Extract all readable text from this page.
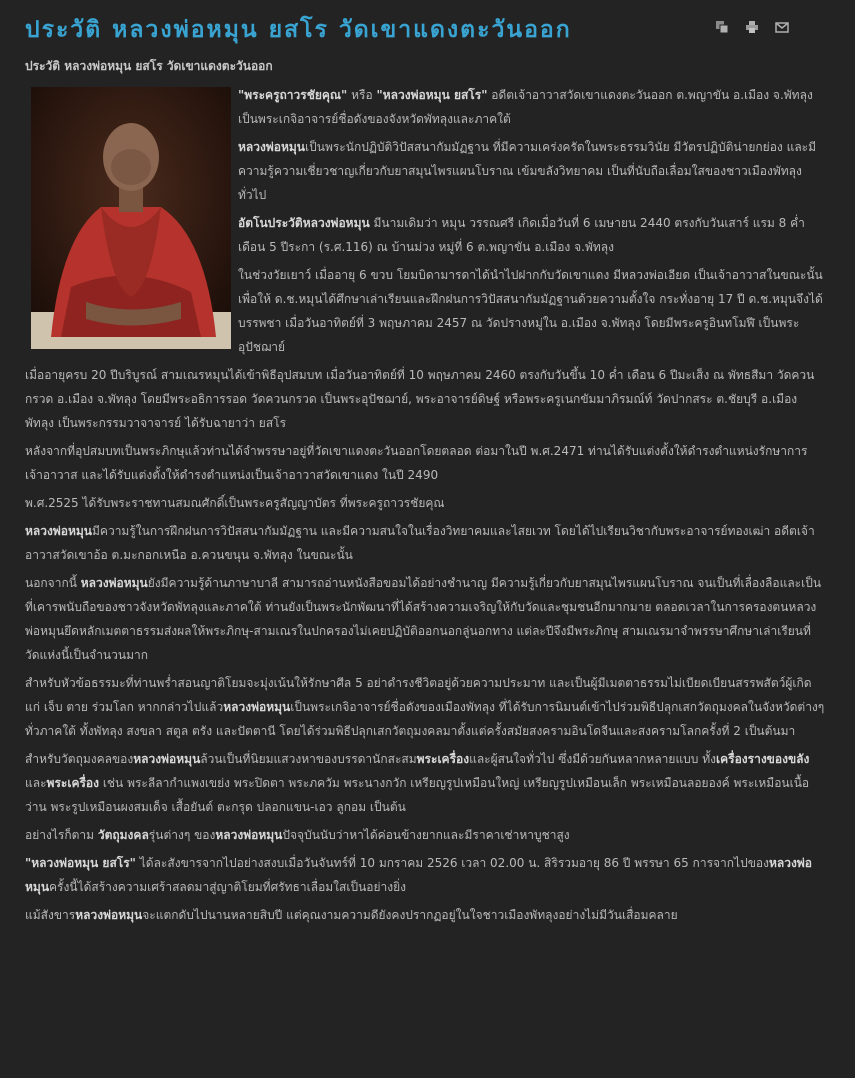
ประวัติ หลวงพ่อหมุน ยสโร วัดเขาแดงตะวันออก
ประวัติ หลวงพ่อหมุน ยสโร วัดเขาแดงตะวันออก

"พระครูถาวรชัยคุณ" หรือ "หลวงพ่อหมุน ยสโร" อดีตเจ้าอาวาสวัดเขาแดงตะวันออก ต.พญาขัน อ.เมือง จ.พัทลุง เป็นพระเกจิอาจารย์ชื่อดังของจังหวัดพัทลุงและภาคใต้

หลวงพ่อหมุนเป็นพระนักปฏิบัติวิปัสสนากัมมัฏฐาน ที่มีความเคร่งครัดในพระธรรมวินัย มีวัตรปฏิบัติน่ายกย่อง และมีความรู้ความเชี่ยวชาญเกี่ยวกับยาสมุนไพรแผนโบราณ เข้มขลังวิทยาคม เป็นที่นับถือเลื่อมใสของชาวเมืองพัทลุงทั่วไป

อัตโนประวัติหลวงพ่อหมุน มีนามเดิมว่า หมุน วรรณศรี เกิดเมื่อวันที่ 6 เมษายน 2440 ตรงกับวันเสาร์ แรม 8 ค่ำ เดือน 5 ปีระกา (ร.ศ.116) ณ บ้านม่วง หมู่ที่ 6 ต.พญาขัน อ.เมือง จ.พัทลุง

ในช่วงวัยเยาว์ เมื่ออายุ 6 ขวบ โยมบิดามารดาได้นำไปฝากกับวัดเขาแดง มีหลวงพ่อเอียด เป็นเจ้าอาวาสในขณะนั้น เพื่อให้ ด.ช.หมุนได้ศึกษาเล่าเรียนและฝึกฝนการวิปัสสนากัมมัฏฐานด้วยความตั้งใจ กระทั่งอายุ 17 ปี ด.ช.หมุนจึงได้บรรพชา เมื่อวันอาทิตย์ที่ 3 พฤษภาคม 2457 ณ วัดปรางหมู่ใน อ.เมือง จ.พัทลุง โดยมีพระครูอินทโมฬี เป็นพระอุปัชฌาย์

เมื่ออายุครบ 20 ปีบริบูรณ์ สามเณรหมุนได้เข้าพิธีอุปสมบท เมื่อวันอาทิตย์ที่ 10 พฤษภาคม 2460 ตรงกับวันขึ้น 10 ค่ำ เดือน 6 ปีมะเส็ง ณ พัทธสีมา วัดควนกรวด อ.เมือง จ.พัทลุง โดยมีพระอธิการรอด วัดควนกรวด เป็นพระอุปัชฌาย์, พระอาจารย์ดิษฐ์ หรือพระครูเนกขัมมาภิรมณ์ท์ วัดปากสระ ต.ชัยบุรี อ.เมืองพัทลุง เป็นพระกรรมวาจาจารย์ ได้รับฉายาว่า ยสโร

หลังจากที่อุปสมบทเป็นพระภิกษุแล้วท่านได้จำพรรษาอยู่ที่วัดเขาแดงตะวันออกโดยตลอด ต่อมาในปี พ.ศ.2471 ท่านได้รับแต่งตั้งให้ดำรงตำแหน่งรักษาการเจ้าอาวาส และได้รับแต่งตั้งให้ดำรงตำแหน่งเป็นเจ้าอาวาสวัดเขาแดง ในปี 2490

พ.ศ.2525 ได้รับพระราชทานสมณศักดิ์เป็นพระครูสัญญาบัตร ที่พระครูถาวรชัยคุณ

หลวงพ่อหมุนมีความรู้ในการฝึกฝนการวิปัสสนากัมมัฏฐาน และมีความสนใจในเรื่องวิทยาคมและไสยเวท โดยได้ไปเรียนวิชากับพระอาจารย์ทองเฒ่า อดีตเจ้าอาวาสวัดเขาอ้อ ต.มะกอกเหนือ อ.ควนขนุน จ.พัทลุง ในขณะนั้น

นอกจากนี้ หลวงพ่อหมุนยังมีความรู้ด้านภาษาบาลี สามารถอ่านหนังสือขอมได้อย่างชำนาญ มีความรู้เกี่ยวกับยาสมุนไพรแผนโบราณ จนเป็นที่เลื่องลือและเป็นที่เคารพนับถือของชาวจังหวัดพัทลุงและภาคใต้ ท่านยังเป็นพระนักพัฒนาที่ได้สร้างความเจริญให้กับวัดและชุมชนอีกมากมาย ตลอดเวลาในการครองตนหลวงพ่อหมุนยึดหลักเมตตาธรรมส่งผลให้พระภิกษุ-สามเณรในปกครองไม่เคยปฏิบัติออกนอกลู่นอกทาง แต่ละปีจึงมีพระภิกษุ สามเณรมาจำพรรษาศึกษาเล่าเรียนที่วัดแห่งนี้เป็นจำนวนมาก

สำหรับหัวข้อธรรมะที่ท่านพร่ำสอนญาติโยมจะมุ่งเน้นให้รักษาศีล 5 อย่าดำรงชีวิตอยู่ด้วยความประมาท และเป็นผู้มีเมตตาธรรมไม่เบียดเบียนสรรพสัตว์ผู้เกิดแก่ เจ็บ ตาย ร่วมโลก หากกล่าวไปแล้วหลวงพ่อหมุนเป็นพระเกจิอาจารย์ชื่อดังของเมืองพัทลุง ที่ได้รับการนิมนต์เข้าไปร่วมพิธีปลุกเสกวัตถุมงคลในจังหวัดต่างๆ ทั่วภาคใต้ ทั้งพัทลุง สงขลา สตูล ตรัง และปัตตานี โดยได้ร่วมพิธีปลุกเสกวัตถุมงคลมาตั้งแต่ครั้งสมัยสงครามอินโดจีนและสงครามโลกครั้งที่ 2 เป็นต้นมา

สำหรับวัตถุมงคลของหลวงพ่อหมุนล้วนเป็นที่นิยมแสวงหาของบรรดานักสะสมพระเครื่องและผู้สนใจทั่วไป ซึ่งมีด้วยกันหลากหลายแบบ ทั้งเครื่องรางของขลังและพระเครื่อง เช่น พระลีลากำแพงเขย่ง พระปิดตา พระภควัม พระนางกวัก เหรียญรูปเหมือนใหญ่ เหรียญรูปเหมือนเล็ก พระเหมือนลอยองค์ พระเหมือนเนื้อว่าน พระรูปเหมือนผงสมเด็จ เสื้อยันต์ ตะกรุด ปลอกแขน-เอว ลูกอม เป็นต้น

อย่างไรก็ตาม วัตถุมงคลรุ่นต่างๆ ของหลวงพ่อหมุนปัจจุบันนับว่าหาได้ค่อนข้างยากและมีราคาเช่าหาบูชาสูง

"หลวงพ่อหมุน ยสโร" ได้ละสังขารจากไปอย่างสงบเมื่อวันจันทร์ที่ 10 มกราคม 2526 เวลา 02.00 น. สิริรวมอายุ 86 ปี พรรษา 65 การจากไปของหลวงพ่อหมุนครั้งนี้ได้สร้างความเศร้าสลดมาสู่ญาติโยมที่ศรัทธาเลื่อมใสเป็นอย่างยิ่ง

แม้สังขารหลวงพ่อหมุนจะแตกดับไปนานหลายสิบปี แต่คุณงามความดียังคงปรากฏอยู่ในใจชาวเมืองพัทลุงอย่างไม่มีวันเสื่อมคลาย
